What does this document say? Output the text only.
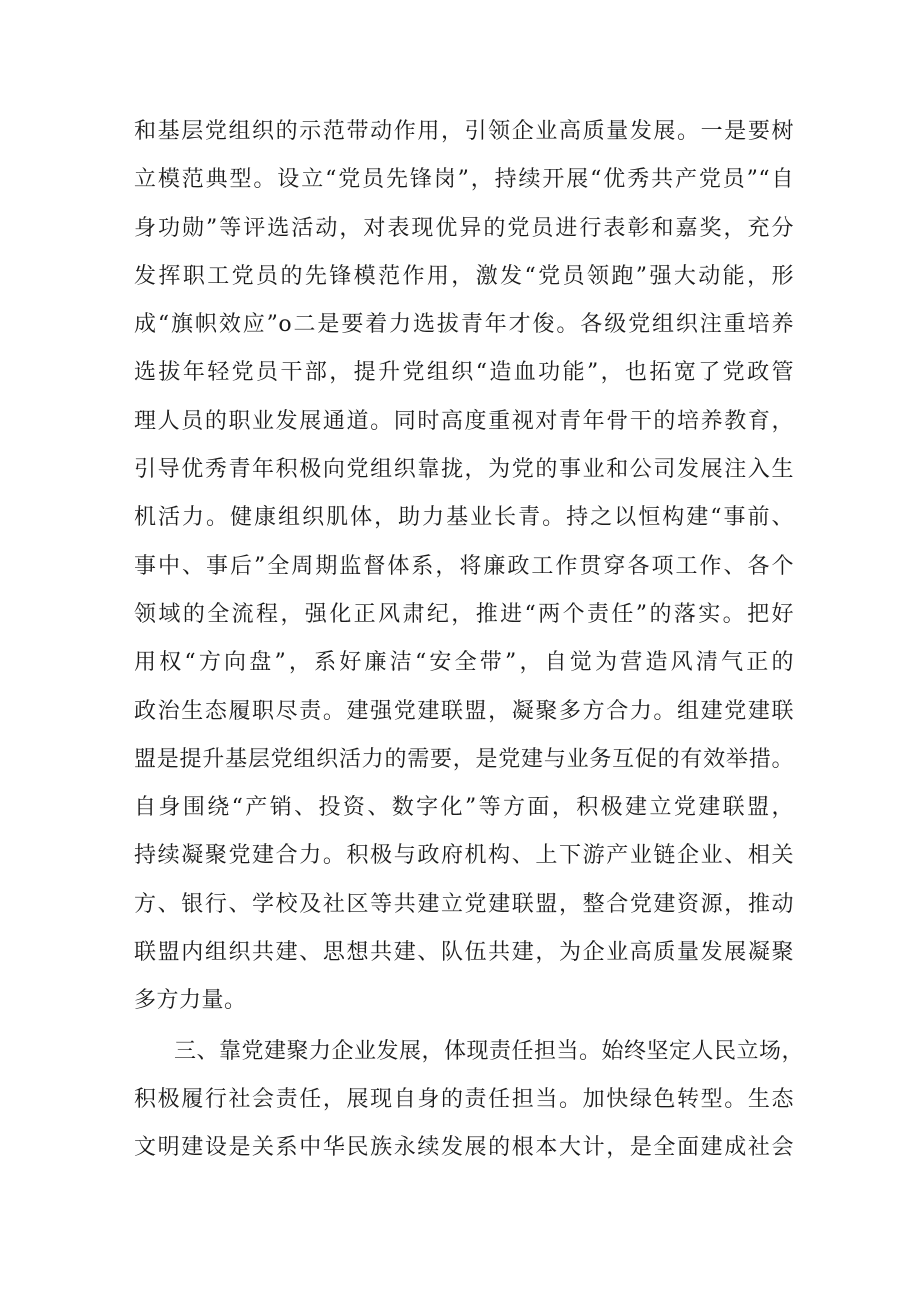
和基层党组织的示范带动作用，引领企业高质量发展。一是要树
立模范典型。设立“党员先锋岗”，持续开展“优秀共产党员”“自
身功勋”等评选活动，对表现优异的党员进行表彰和嘉奖，充分
发挥职工党员的先锋模范作用，激发“党员领跑”强大动能，形
成“旗帜效应”o二是要着力选拔青年才俊。各级党组织注重培养
选拔年轻党员干部，提升党组织“造血功能”，也拓宽了党政管
理人员的职业发展通道。同时高度重视对青年骨干的培养教育，
引导优秀青年积极向党组织靠拢，为党的事业和公司发展注入生
机活力。健康组织肌体，助力基业长青。持之以恒构建“事前、
事中、事后”全周期监督体系，将廉政工作贯穿各项工作、各个
领域的全流程，强化正风肃纪，推进“两个责任”的落实。把好
用权“方向盘”，系好廉洁“安全带”，自觉为营造风清气正的
政治生态履职尽责。建强党建联盟，凝聚多方合力。组建党建联
盟是提升基层党组织活力的需要，是党建与业务互促的有效举措。
自身围绕“产销、投资、数字化”等方面，积极建立党建联盟，
持续凝聚党建合力。积极与政府机构、上下游产业链企业、相关
方、银行、学校及社区等共建立党建联盟，整合党建资源，推动
联盟内组织共建、思想共建、队伍共建，为企业高质量发展凝聚
多方力量。
三、靠党建聚力企业发展，体现责任担当。始终坚定人民立场，
积极履行社会责任，展现自身的责任担当。加快绿色转型。生态
文明建设是关系中华民族永续发展的根本大计，是全面建成社会
